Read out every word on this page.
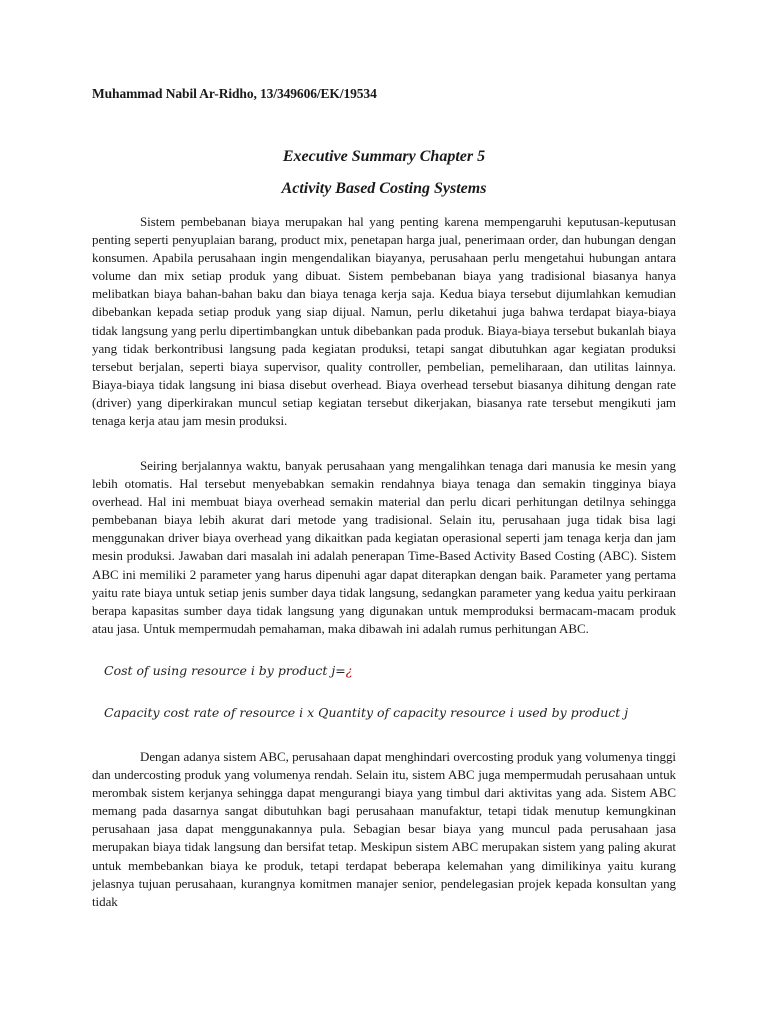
Muhammad Nabil Ar-Ridho, 13/349606/EK/19534
Executive Summary Chapter 5
Activity Based Costing Systems

Sistem pembebanan biaya merupakan hal yang penting karena mempengaruhi keputusan-keputusan penting seperti penyuplaian barang, product mix, penetapan harga jual, penerimaan order, dan hubungan dengan konsumen. Apabila perusahaan ingin mengendalikan biayanya, perusahaan perlu mengetahui hubungan antara volume dan mix setiap produk yang dibuat. Sistem pembebanan biaya yang tradisional biasanya hanya melibatkan biaya bahan-bahan baku dan biaya tenaga kerja saja. Kedua biaya tersebut dijumlahkan kemudian dibebankan kepada setiap produk yang siap dijual. Namun, perlu diketahui juga bahwa terdapat biaya-biaya tidak langsung yang perlu dipertimbangkan untuk dibebankan pada produk. Biaya-biaya tersebut bukanlah biaya yang tidak berkontribusi langsung pada kegiatan produksi, tetapi sangat dibutuhkan agar kegiatan produksi tersebut berjalan, seperti biaya supervisor, quality controller, pembelian, pemeliharaan, dan utilitas lainnya. Biaya-biaya tidak langsung ini biasa disebut overhead. Biaya overhead tersebut biasanya dihitung dengan rate (driver) yang diperkirakan muncul setiap kegiatan tersebut dikerjakan, biasanya rate tersebut mengikuti jam tenaga kerja atau jam mesin produksi.

Seiring berjalannya waktu, banyak perusahaan yang mengalihkan tenaga dari manusia ke mesin yang lebih otomatis. Hal tersebut menyebabkan semakin rendahnya biaya tenaga dan semakin tingginya biaya overhead. Hal ini membuat biaya overhead semakin material dan perlu dicari perhitungan detilnya sehingga pembebanan biaya lebih akurat dari metode yang tradisional. Selain itu, perusahaan juga tidak bisa lagi menggunakan driver biaya overhead yang dikaitkan pada kegiatan operasional seperti jam tenaga kerja dan jam mesin produksi. Jawaban dari masalah ini adalah penerapan Time-Based Activity Based Costing (ABC). Sistem ABC ini memiliki 2 parameter yang harus dipenuhi agar dapat diterapkan dengan baik. Parameter yang pertama yaitu rate biaya untuk setiap jenis sumber daya tidak langsung, sedangkan parameter yang kedua yaitu perkiraan berapa kapasitas sumber daya tidak langsung yang digunakan untuk memproduksi bermacam-macam produk atau jasa. Untuk mempermudah pemahaman, maka dibawah ini adalah rumus perhitungan ABC.

Cost of using resource i by product j=¿
Capacity cost rate of resource i x Quantity of capacity resource i used by product j

Dengan adanya sistem ABC, perusahaan dapat menghindari overcosting produk yang volumenya tinggi dan undercosting produk yang volumenya rendah. Selain itu, sistem ABC juga mempermudah perusahaan untuk merombak sistem kerjanya sehingga dapat mengurangi biaya yang timbul dari aktivitas yang ada. Sistem ABC memang pada dasarnya sangat dibutuhkan bagi perusahaan manufaktur, tetapi tidak menutup kemungkinan perusahaan jasa dapat menggunakannya pula. Sebagian besar biaya yang muncul pada perusahaan jasa merupakan biaya tidak langsung dan bersifat tetap. Meskipun sistem ABC merupakan sistem yang paling akurat untuk membebankan biaya ke produk, tetapi terdapat beberapa kelemahan yang dimilikinya yaitu kurang jelasnya tujuan perusahaan, kurangnya komitmen manajer senior, pendelegasian projek kepada konsultan yang tidak
